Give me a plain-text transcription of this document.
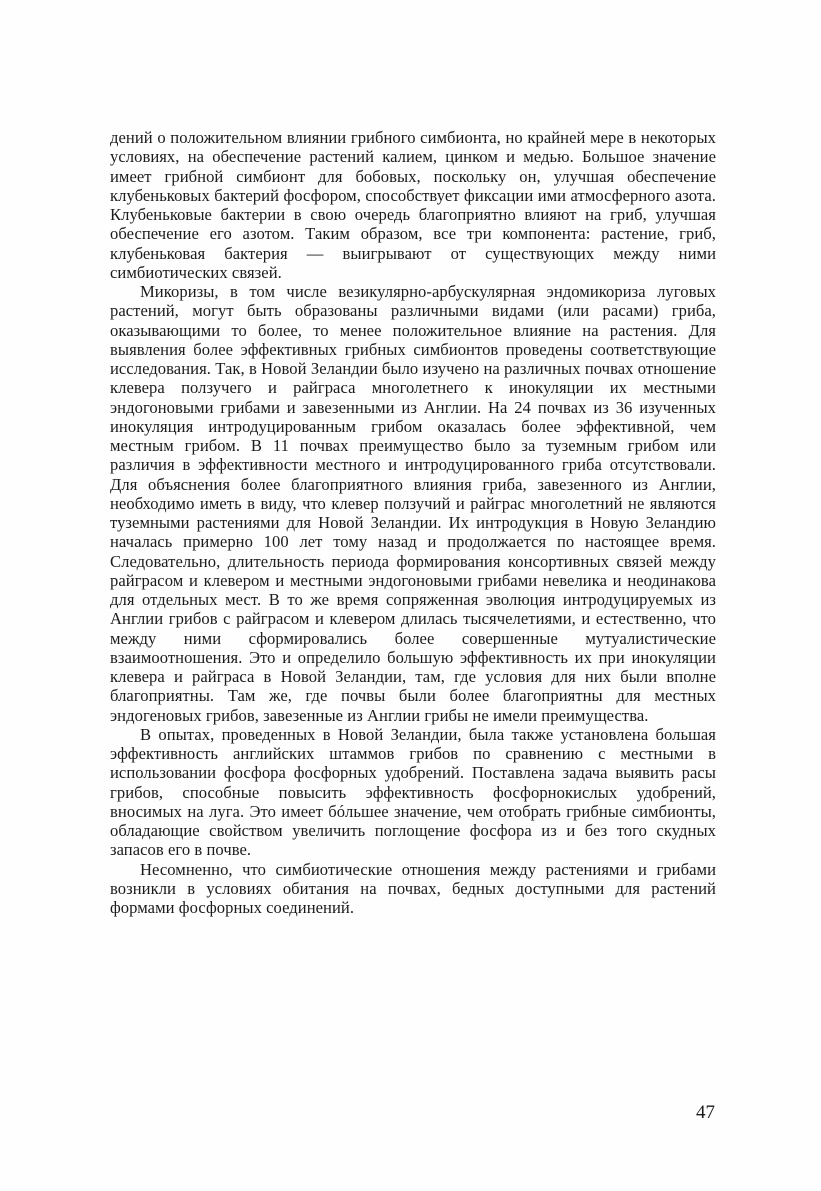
дений о положительном влиянии грибного симбионта, но крайней мере в некоторых условиях, на обеспечение растений калием, цинком и медью. Большое значение имеет грибной симбионт для бобовых, поскольку он, улучшая обеспечение клубеньковых бактерий фосфором, способствует фиксации ими атмосферного азота. Клубеньковые бактерии в свою очередь благоприятно влияют на гриб, улучшая обеспечение его азотом. Таким образом, все три компонента: растение, гриб, клубеньковая бактерия — выигрывают от существующих между ними симбиотических связей.

Микоризы, в том числе везикулярно-арбускулярная эндомикориза луговых растений, могут быть образованы различными видами (или расами) гриба, оказывающими то более, то менее положительное влияние на растения. Для выявления более эффективных грибных симбионтов проведены соответствующие исследования. Так, в Новой Зеландии было изучено на различных почвах отношение клевера ползучего и райграса многолетнего к инокуляции их местными эндогоновыми грибами и завезенными из Англии. На 24 почвах из 36 изученных инокуляция интродуцированным грибом оказалась более эффективной, чем местным грибом. В 11 почвах преимущество было за туземным грибом или различия в эффективности местного и интродуцированного гриба отсутствовали. Для объяснения более благоприятного влияния гриба, завезенного из Англии, необходимо иметь в виду, что клевер ползучий и райграс многолетний не являются туземными растениями для Новой Зеландии. Их интродукция в Новую Зеландию началась примерно 100 лет тому назад и продолжается по настоящее время. Следовательно, длительность периода формирования консортивных связей между райграсом и клевером и местными эндогоновыми грибами невелика и неодинакова для отдельных мест. В то же время сопряженная эволюция интродуцируемых из Англии грибов с райграсом и клевером длилась тысячелетиями, и естественно, что между ними сформировались более совершенные мутуалистические взаимоотношения. Это и определило большую эффективность их при инокуляции клевера и райграса в Новой Зеландии, там, где условия для них были вполне благоприятны. Там же, где почвы были более благоприятны для местных эндогеновых грибов, завезенные из Англии грибы не имели преимущества.

В опытах, проведенных в Новой Зеландии, была также установлена большая эффективность английских штаммов грибов по сравнению с местными в использовании фосфора фосфорных удобрений. Поставлена задача выявить расы грибов, способные повысить эффективность фосфорнокислых удобрений, вносимых на луга. Это имеет бóльшее значение, чем отобрать грибные симбионты, обладающие свойством увеличить поглощение фосфора из и без того скудных запасов его в почве.

Несомненно, что симбиотические отношения между растениями и грибами возникли в условиях обитания на почвах, бедных доступными для растений формами фосфорных соединений.

47
